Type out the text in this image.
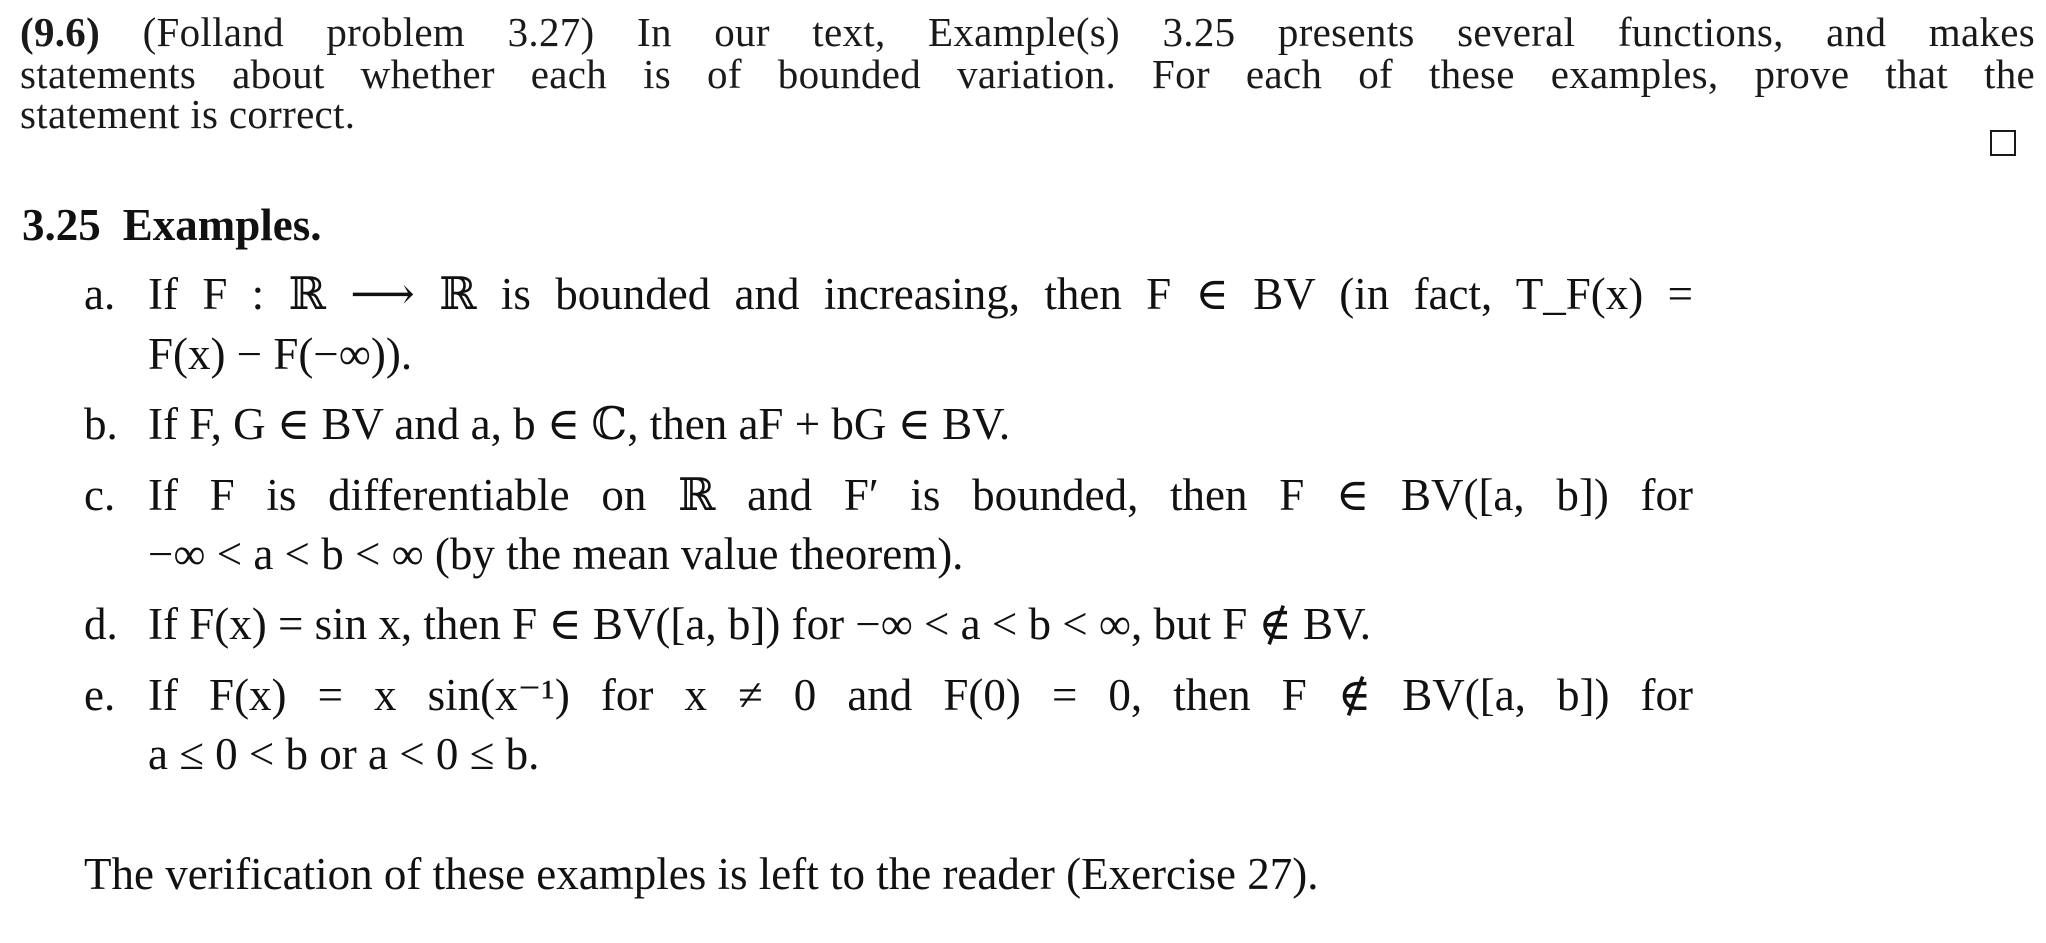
(9.6) (Folland problem 3.27) In our text, Example(s) 3.25 presents several functions, and makes
statements about whether each is of bounded variation. For each of these examples, prove that the
statement is correct.
3.25 Examples.
a. If F : ℝ ⟶ ℝ is bounded and increasing, then F ∈ BV (in fact, T_F(x) =
F(x) − F(−∞)).
b. If F, G ∈ BV and a, b ∈ ℂ, then aF + bG ∈ BV.
c. If F is differentiable on ℝ and F′ is bounded, then F ∈ BV([a, b]) for
−∞ < a < b < ∞ (by the mean value theorem).
d. If F(x) = sin x, then F ∈ BV([a, b]) for −∞ < a < b < ∞, but F ∉ BV.
e. If F(x) = x sin(x⁻¹) for x ≠ 0 and F(0) = 0, then F ∉ BV([a, b]) for
a ≤ 0 < b or a < 0 ≤ b.
The verification of these examples is left to the reader (Exercise 27).
